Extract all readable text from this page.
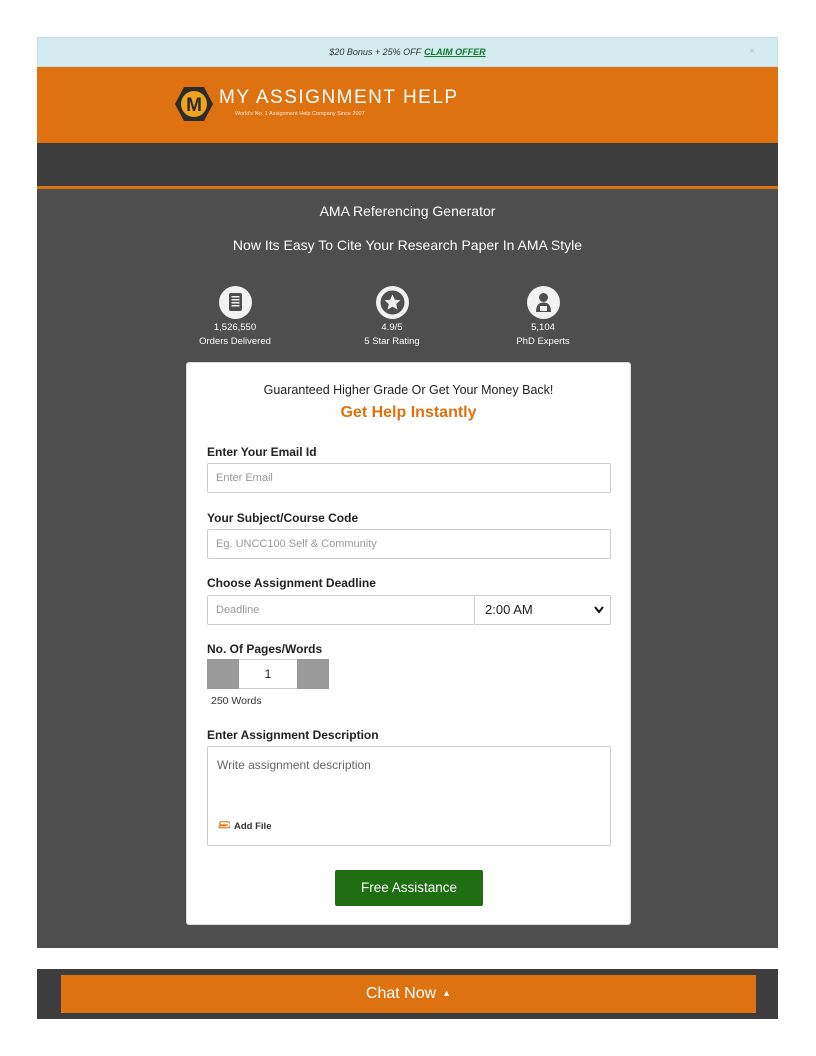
$20 Bonus + 25% OFF CLAIM OFFER	×
M MY ASSIGNMENT HELP
World's No. 1 Assignment Help Company Since 2007
AMA Referencing Generator
Now Its Easy To Cite Your Research Paper In AMA Style
1,526,550
Orders Delivered
4.9/5
5 Star Rating
5,104
PhD Experts
Guaranteed Higher Grade Or Get Your Money Back!
Get Help Instantly
Enter Your Email Id
Enter Email
Your Subject/Course Code
Eg. UNCC100 Self & Community
Choose Assignment Deadline
Deadline
2:00 AM
No. Of Pages/Words
1
250 Words
Enter Assignment Description
Write assignment description
Add File
Free Assistance
Chat Now ▲
